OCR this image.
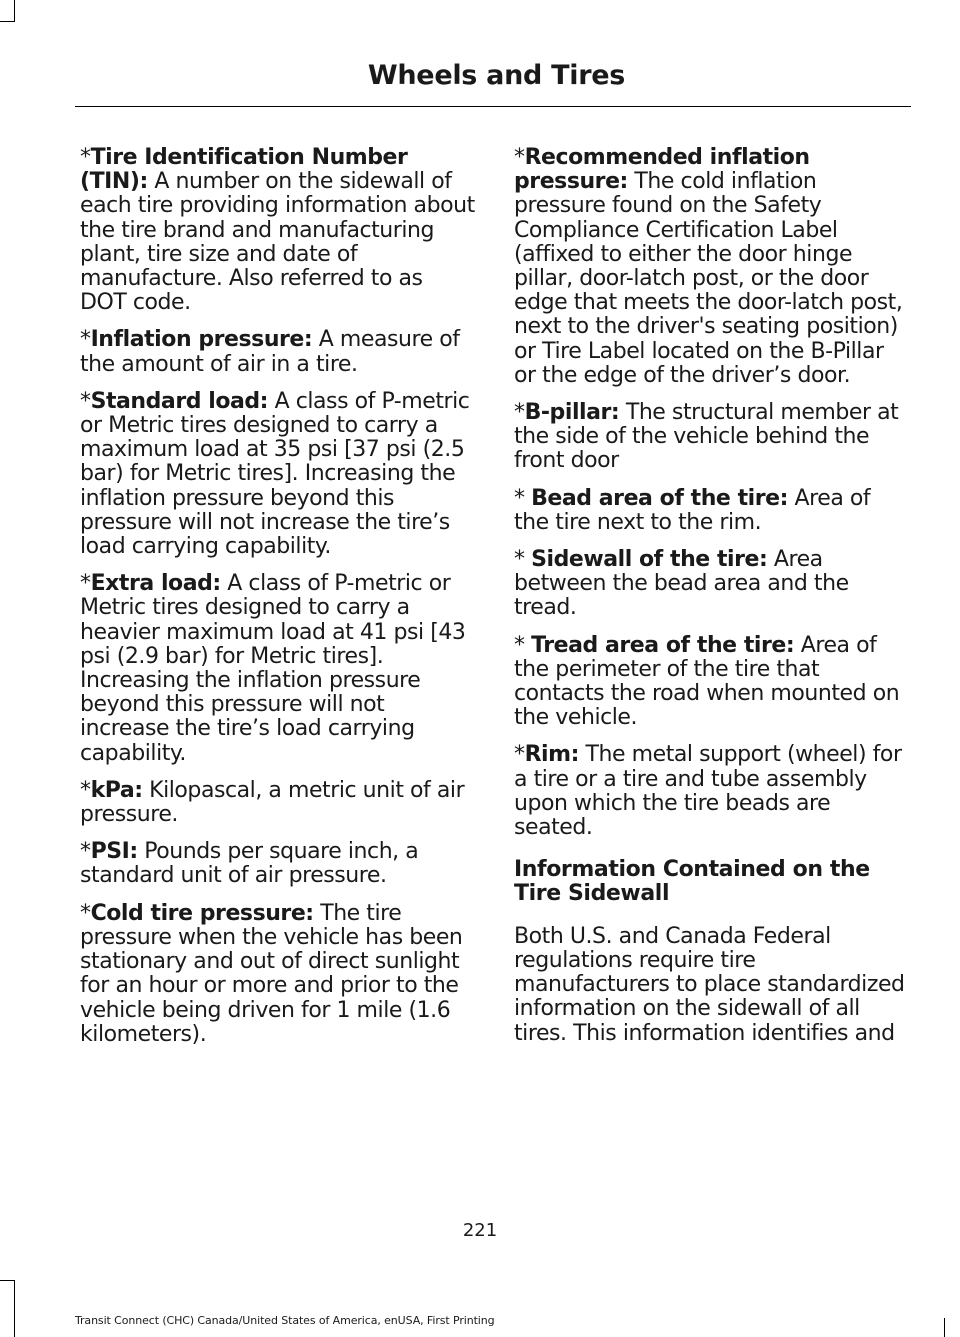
Wheels and Tires

*Tire Identification Number (TIN): A number on the sidewall of each tire providing information about the tire brand and manufacturing plant, tire size and date of manufacture. Also referred to as DOT code.

*Inflation pressure: A measure of the amount of air in a tire.

*Standard load: A class of P-metric or Metric tires designed to carry a maximum load at 35 psi [37 psi (2.5 bar) for Metric tires]. Increasing the inflation pressure beyond this pressure will not increase the tire’s load carrying capability.

*Extra load: A class of P-metric or Metric tires designed to carry a heavier maximum load at 41 psi [43 psi (2.9 bar) for Metric tires]. Increasing the inflation pressure beyond this pressure will not increase the tire’s load carrying capability.

*kPa: Kilopascal, a metric unit of air pressure.

*PSI: Pounds per square inch, a standard unit of air pressure.

*Cold tire pressure: The tire pressure when the vehicle has been stationary and out of direct sunlight for an hour or more and prior to the vehicle being driven for 1 mile (1.6 kilometers).

*Recommended inflation pressure: The cold inflation pressure found on the Safety Compliance Certification Label (affixed to either the door hinge pillar, door-latch post, or the door edge that meets the door-latch post, next to the driver's seating position) or Tire Label located on the B-Pillar or the edge of the driver’s door.

*B-pillar: The structural member at the side of the vehicle behind the front door

* Bead area of the tire: Area of the tire next to the rim.

* Sidewall of the tire: Area between the bead area and the tread.

* Tread area of the tire: Area of the perimeter of the tire that contacts the road when mounted on the vehicle.

*Rim: The metal support (wheel) for a tire or a tire and tube assembly upon which the tire beads are seated.

Information Contained on the Tire Sidewall

Both U.S. and Canada Federal regulations require tire manufacturers to place standardized information on the sidewall of all tires. This information identifies and

221
Transit Connect (CHC) Canada/United States of America, enUSA, First Printing
